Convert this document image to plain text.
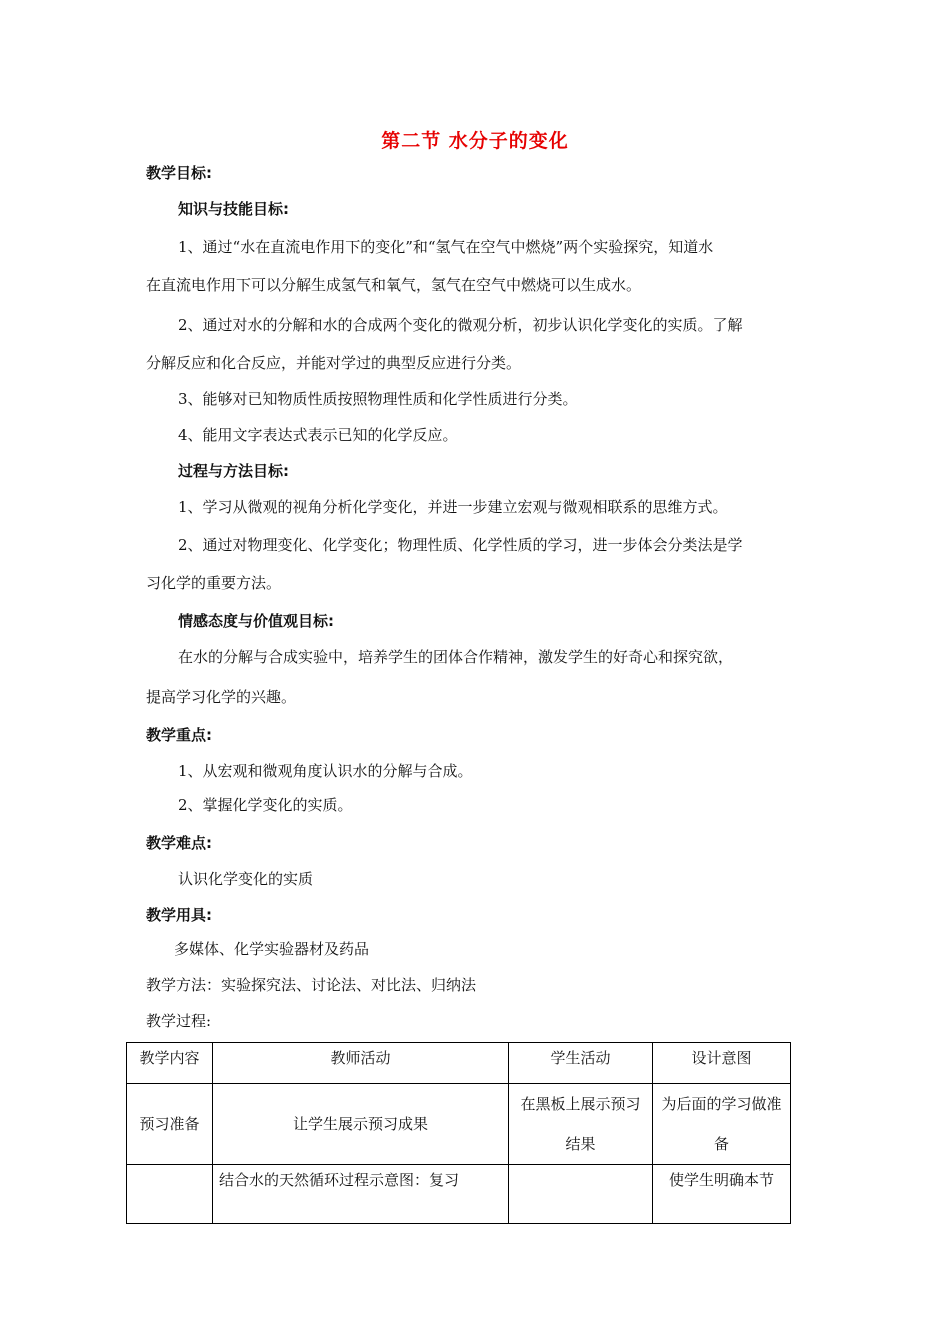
第二节 水分子的变化
教学目标:
知识与技能目标:
1、通过“水在直流电作用下的变化”和“氢气在空气中燃烧”两个实验探究，知道水
在直流电作用下可以分解生成氢气和氧气，氢气在空气中燃烧可以生成水。
2、通过对水的分解和水的合成两个变化的微观分析，初步认识化学变化的实质。了解
分解反应和化合反应，并能对学过的典型反应进行分类。
3、能够对已知物质性质按照物理性质和化学性质进行分类。
4、能用文字表达式表示已知的化学反应。
过程与方法目标:
1、学习从微观的视角分析化学变化，并进一步建立宏观与微观相联系的思维方式。
2、通过对物理变化、化学变化；物理性质、化学性质的学习，进一步体会分类法是学
习化学的重要方法。
情感态度与价值观目标:
在水的分解与合成实验中，培养学生的团体合作精神，激发学生的好奇心和探究欲，
提高学习化学的兴趣。
教学重点:
1、从宏观和微观角度认识水的分解与合成。
2、掌握化学变化的实质。
教学难点:
认识化学变化的实质
教学用具:
多媒体、化学实验器材及药品
教学方法：实验探究法、讨论法、对比法、归纳法
教学过程:
教学内容	教师活动	学生活动	设计意图
预习准备	让学生展示预习成果	在黑板上展示预习结果	为后面的学习做准备
	结合水的天然循环过程示意图：复习		使学生明确本节
